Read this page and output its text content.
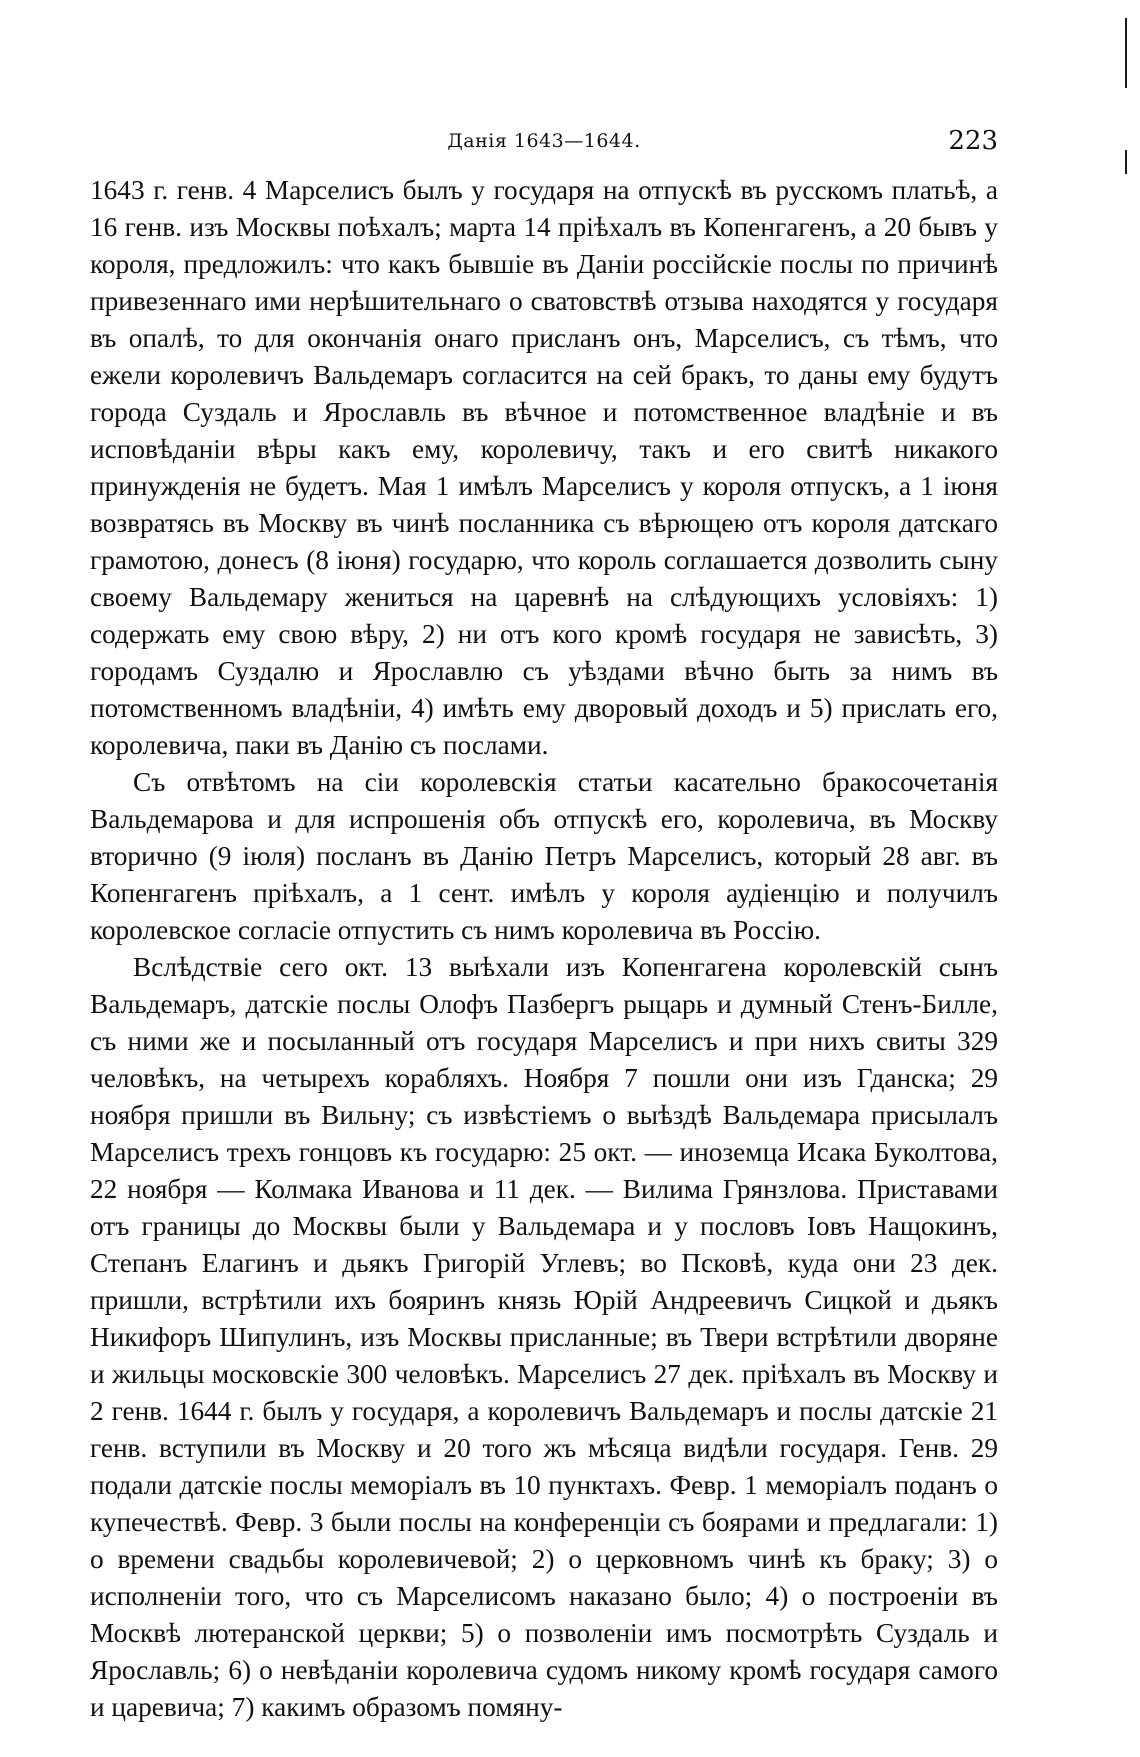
Данія 1643—1644.	223

1643 г. генв. 4 Марселисъ былъ у государя на отпускѣ въ русскомъ платьѣ, а 16 генв. изъ Москвы поѣхалъ; марта 14 пріѣхалъ въ Копенгагенъ, а 20 бывъ у короля, предложилъ: что какъ бывшіе въ Даніи россійскіе послы по причинѣ привезеннаго ими нерѣшительнаго о сватовствѣ отзыва находятся у государя въ опалѣ, то для окончанія онаго присланъ онъ, Марселисъ, съ тѣмъ, что ежели королевичъ Вальдемаръ согласится на сей бракъ, то даны ему будутъ города Суздаль и Ярославль въ вѣчное и потомственное владѣніе и въ исповѣданіи вѣры какъ ему, королевичу, такъ и его свитѣ никакого принужденія не будетъ. Мая 1 имѣлъ Марселисъ у короля отпускъ, а 1 іюня возвратясь въ Москву въ чинѣ посланника съ вѣрющею отъ короля датскаго грамотою, донесъ (8 іюня) государю, что король соглашается дозволить сыну своему Вальдемару жениться на царевнѣ на слѣдующихъ условіяхъ: 1) содержать ему свою вѣру, 2) ни отъ кого кромѣ государя не зависѣть, 3) городамъ Суздалю и Ярославлю съ уѣздами вѣчно быть за нимъ въ потомственномъ владѣніи, 4) имѣть ему дворовый доходъ и 5) прислать его, королевича, паки въ Данію съ послами.

Съ отвѣтомъ на сіи королевскія статьи касательно бракосочетанія Вальдемарова и для испрошенія объ отпускѣ его, королевича, въ Москву вторично (9 іюля) посланъ въ Данію Петръ Марселисъ, который 28 авг. въ Копенгагенъ пріѣхалъ, а 1 сент. имѣлъ у короля аудіенцію и получилъ королевское согласіе отпустить съ нимъ королевича въ Россію.

Вслѣдствіе сего окт. 13 выѣхали изъ Копенгагена королевскій сынъ Вальдемаръ, датскіе послы Олофъ Пазбергъ рыцарь и думный Стенъ-Билле, съ ними же и посыланный отъ государя Марселисъ и при нихъ свиты 329 человѣкъ, на четырехъ корабляхъ. Ноября 7 пошли они изъ Гданска; 29 ноября пришли въ Вильну; съ извѣстіемъ о выѣздѣ Вальдемара присылалъ Марселисъ трехъ гонцовъ къ государю: 25 окт. — иноземца Исака Буколтова, 22 ноября — Колмака Иванова и 11 дек. — Вилима Грянзлова. Приставами отъ границы до Москвы были у Вальдемара и у пословъ Іовъ Нащокинъ, Степанъ Елагинъ и дьякъ Григорій Углевъ; во Псковѣ, куда они 23 дек. пришли, встрѣтили ихъ бояринъ князь Юрій Андреевичъ Сицкой и дьякъ Никифоръ Шипулинъ, изъ Москвы присланные; въ Твери встрѣтили дворяне и жильцы московскіе 300 человѣкъ. Марселисъ 27 дек. пріѣхалъ въ Москву и 2 генв. 1644 г. былъ у государя, а королевичъ Вальдемаръ и послы датскіе 21 генв. вступили въ Москву и 20 того жъ мѣсяца видѣли государя. Генв. 29 подали датскіе послы меморіалъ въ 10 пунктахъ. Февр. 1 меморіалъ поданъ о купечествѣ. Февр. 3 были послы на конференціи съ боярами и предлагали: 1) о времени свадьбы королевичевой; 2) о церковномъ чинѣ къ браку; 3) о исполненіи того, что съ Марселисомъ наказано было; 4) о построеніи въ Москвѣ лютеранской церкви; 5) о позволеніи имъ посмотрѣть Суздаль и Ярославль; 6) о невѣданіи королевича судомъ никому кромѣ государя самого и царевича; 7) какимъ образомъ помяну-
